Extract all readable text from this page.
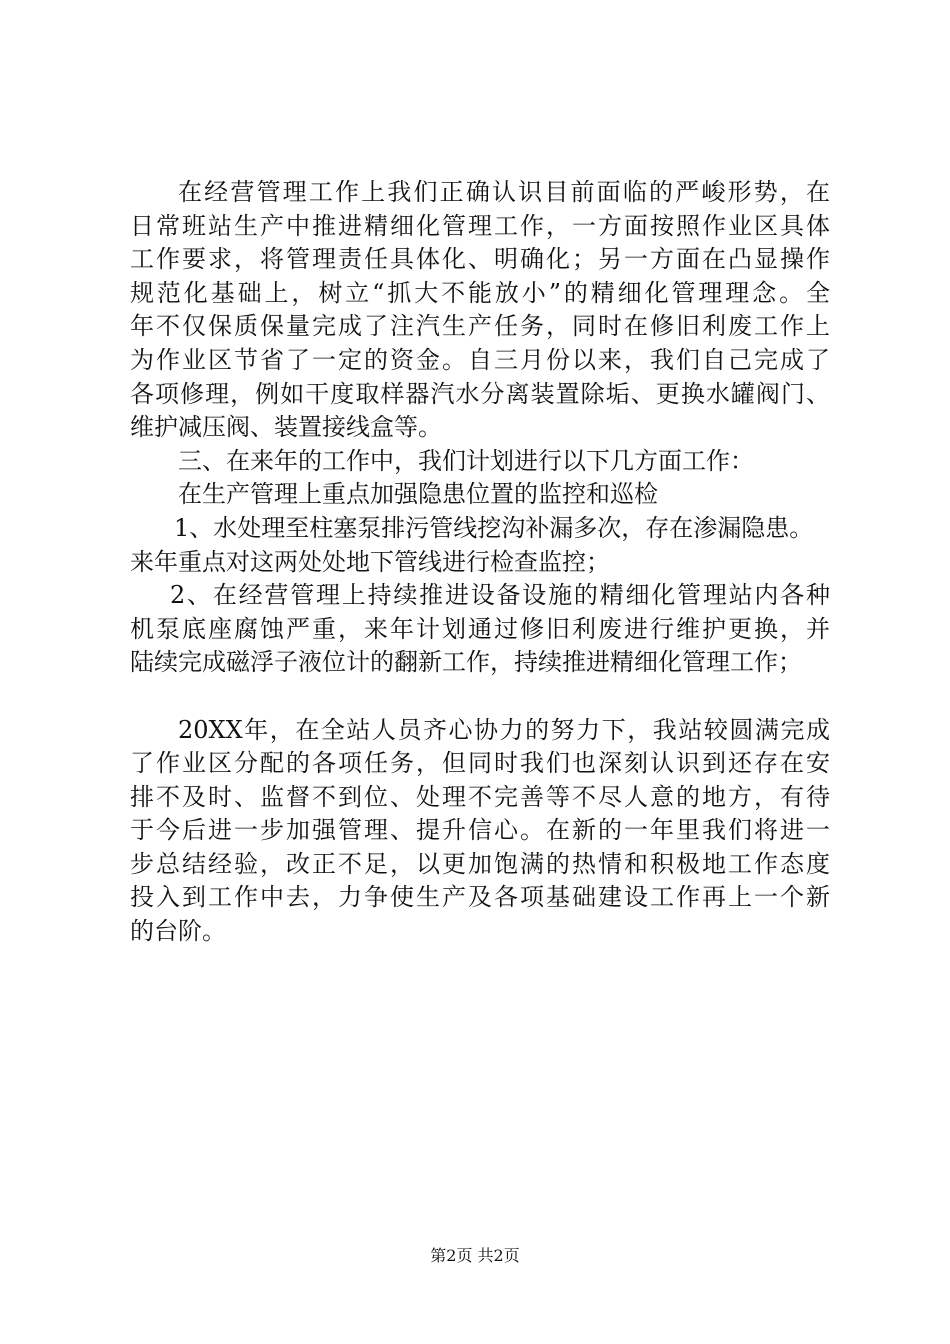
在经营管理工作上我们正确认识目前面临的严峻形势，在
日常班站生产中推进精细化管理工作，一方面按照作业区具体
工作要求，将管理责任具体化、明确化；另一方面在凸显操作
规范化基础上，树立“抓大不能放小”的精细化管理理念。全
年不仅保质保量完成了注汽生产任务，同时在修旧利废工作上
为作业区节省了一定的资金。自三月份以来，我们自己完成了
各项修理，例如干度取样器汽水分离装置除垢、更换水罐阀门、
维护减压阀、装置接线盒等。
三、在来年的工作中，我们计划进行以下几方面工作：
在生产管理上重点加强隐患位置的监控和巡检
1、水处理至柱塞泵排污管线挖沟补漏多次，存在渗漏隐患。
来年重点对这两处处地下管线进行检查监控；
2、在经营管理上持续推进设备设施的精细化管理站内各种
机泵底座腐蚀严重，来年计划通过修旧利废进行维护更换，并
陆续完成磁浮子液位计的翻新工作，持续推进精细化管理工作；
20XX年，在全站人员齐心协力的努力下，我站较圆满完成
了作业区分配的各项任务，但同时我们也深刻认识到还存在安
排不及时、监督不到位、处理不完善等不尽人意的地方，有待
于今后进一步加强管理、提升信心。在新的一年里我们将进一
步总结经验，改正不足，以更加饱满的热情和积极地工作态度
投入到工作中去，力争使生产及各项基础建设工作再上一个新
的台阶。
第2页 共2页
